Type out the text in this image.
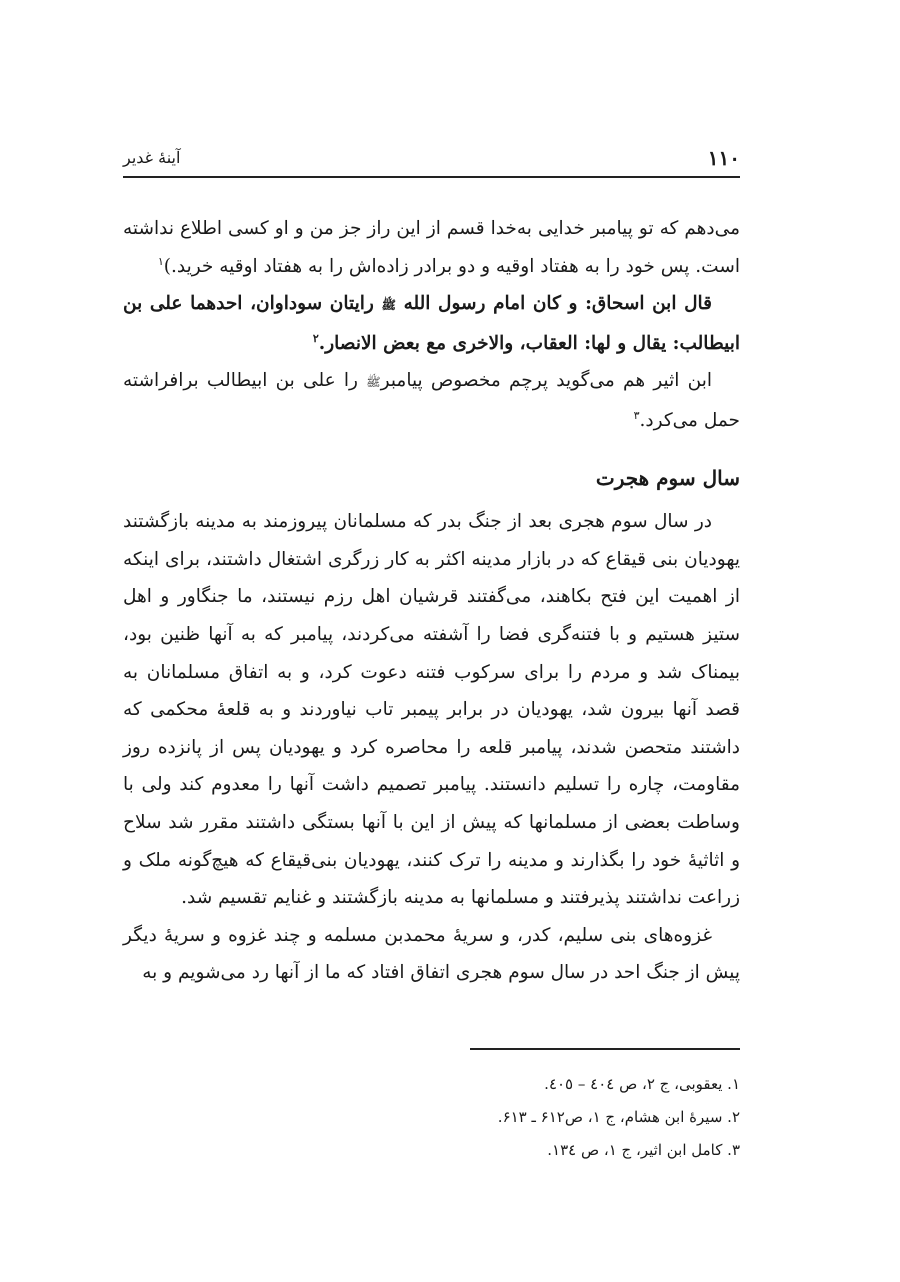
۱۱۰
آینهٔ غدیر

می‌دهم که تو پیامبر خدایی به‌خدا قسم از این راز جز من و او کسی اطلاع نداشته است. پس خود را به هفتاد اوقیه و دو برادر زاده‌اش را به هفتاد اوقیه خرید.)$^۱$

قال ابن اسحاق: و کان امام رسول الله ﷺ رایتان سوداوان، احدهما علی بن ابیطالب: یقال و لها: العقاب، والاخری مع بعض الانصار.$^۲$

ابن اثیر هم می‌گوید پرچم مخصوص پیامبرﷺ را علی بن ابیطالب برافراشته حمل می‌کرد.$^۳$

سال سوم هجرت

در سال سوم هجری بعد از جنگ بدر که مسلمانان پیروزمند به مدینه بازگشتند یهودیان بنی قیقاع که در بازار مدینه اکثر به کار زرگری اشتغال داشتند، برای اینکه از اهمیت این فتح بکاهند، می‌گفتند قرشیان اهل رزم نیستند، ما جنگاور و اهل ستیز هستیم و با فتنه‌گری فضا را آشفته می‌کردند، پیامبر که به آنها ظنین بود، بیمناک شد و مردم را برای سرکوب فتنه دعوت کرد، و به اتفاق مسلمانان به قصد آنها بیرون شد، یهودیان در برابر پیمبر تاب نیاوردند و به قلعهٔ محکمی که داشتند متحصن شدند، پیامبر قلعه را محاصره کرد و یهودیان پس از پانزده روز مقاومت، چاره را تسلیم دانستند. پیامبر تصمیم داشت آنها را معدوم کند ولی با وساطت بعضی از مسلمانها که پیش از این با آنها بستگی داشتند مقرر شد سلاح و اثاثیهٔ خود را بگذارند و مدینه را ترک کنند، یهودیان بنی‌قیقاع که هیچ‌گونه ملک و زراعت نداشتند پذیرفتند و مسلمانها به مدینه بازگشتند و غنایم تقسیم شد.

غزوه‌های بنی سلیم، کدر، و سریهٔ محمدبن مسلمه و چند غزوه و سریهٔ دیگر پیش از جنگ احد در سال سوم هجری اتفاق افتاد که ما از آنها رد می‌شویم و به

۱. یعقوبی، ج ۲، ص ٤٠٤ – ٤٠٥.

۲. سیرهٔ ابن هشام، ج ۱، ص۶۱۲ ـ ۶۱۳.

۳. کامل ابن اثیر، ج ۱، ص ۱۳٤.
